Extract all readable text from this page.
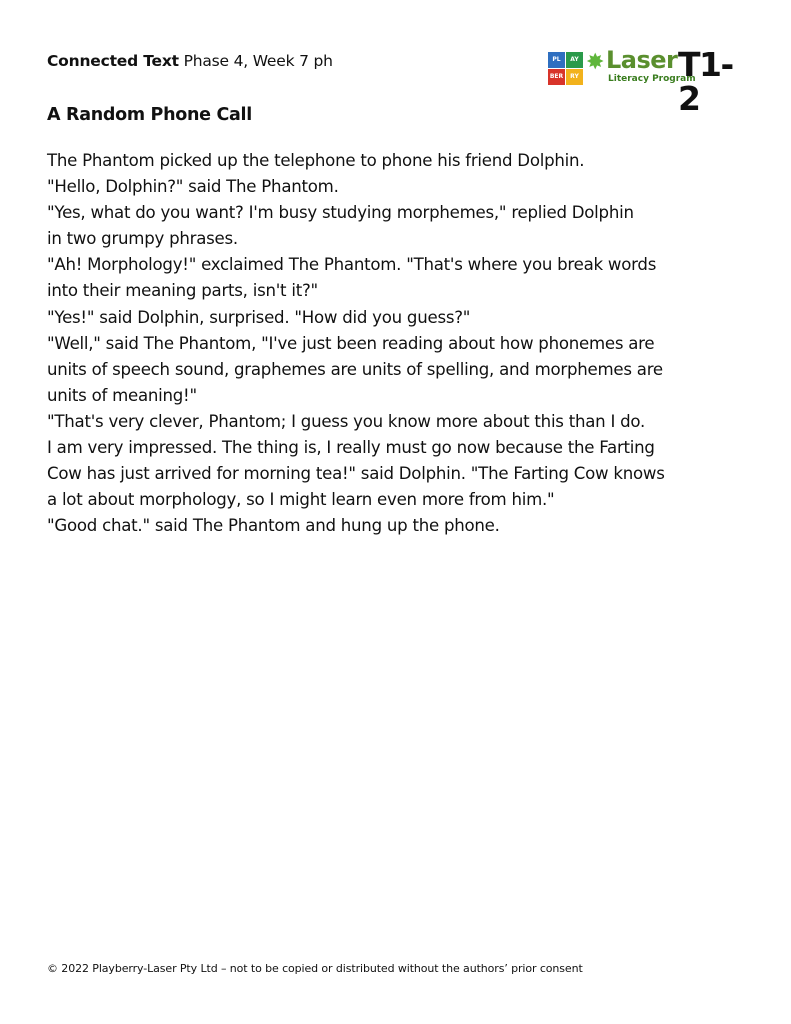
Connected Text Phase 4, Week 7 ph	PL	AY
BER	RY
✸ Laser
Literacy Program
T1-2
A Random Phone Call
The Phantom picked up the telephone to phone his friend Dolphin.
"Hello, Dolphin?" said The Phantom.
"Yes, what do you want? I'm busy studying morphemes," replied Dolphin
in two grumpy phrases.
"Ah! Morphology!" exclaimed The Phantom. "That's where you break words
into their meaning parts, isn't it?"
"Yes!" said Dolphin, surprised. "How did you guess?"
"Well," said The Phantom, "I've just been reading about how phonemes are
units of speech sound, graphemes are units of spelling, and morphemes are
units of meaning!"
"That's very clever, Phantom; I guess you know more about this than I do.
I am very impressed. The thing is, I really must go now because the Farting
Cow has just arrived for morning tea!" said Dolphin. "The Farting Cow knows
a lot about morphology, so I might learn even more from him."
"Good chat." said The Phantom and hung up the phone.
© 2022 Playberry-Laser Pty Ltd – not to be copied or distributed without the authors’ prior consent
